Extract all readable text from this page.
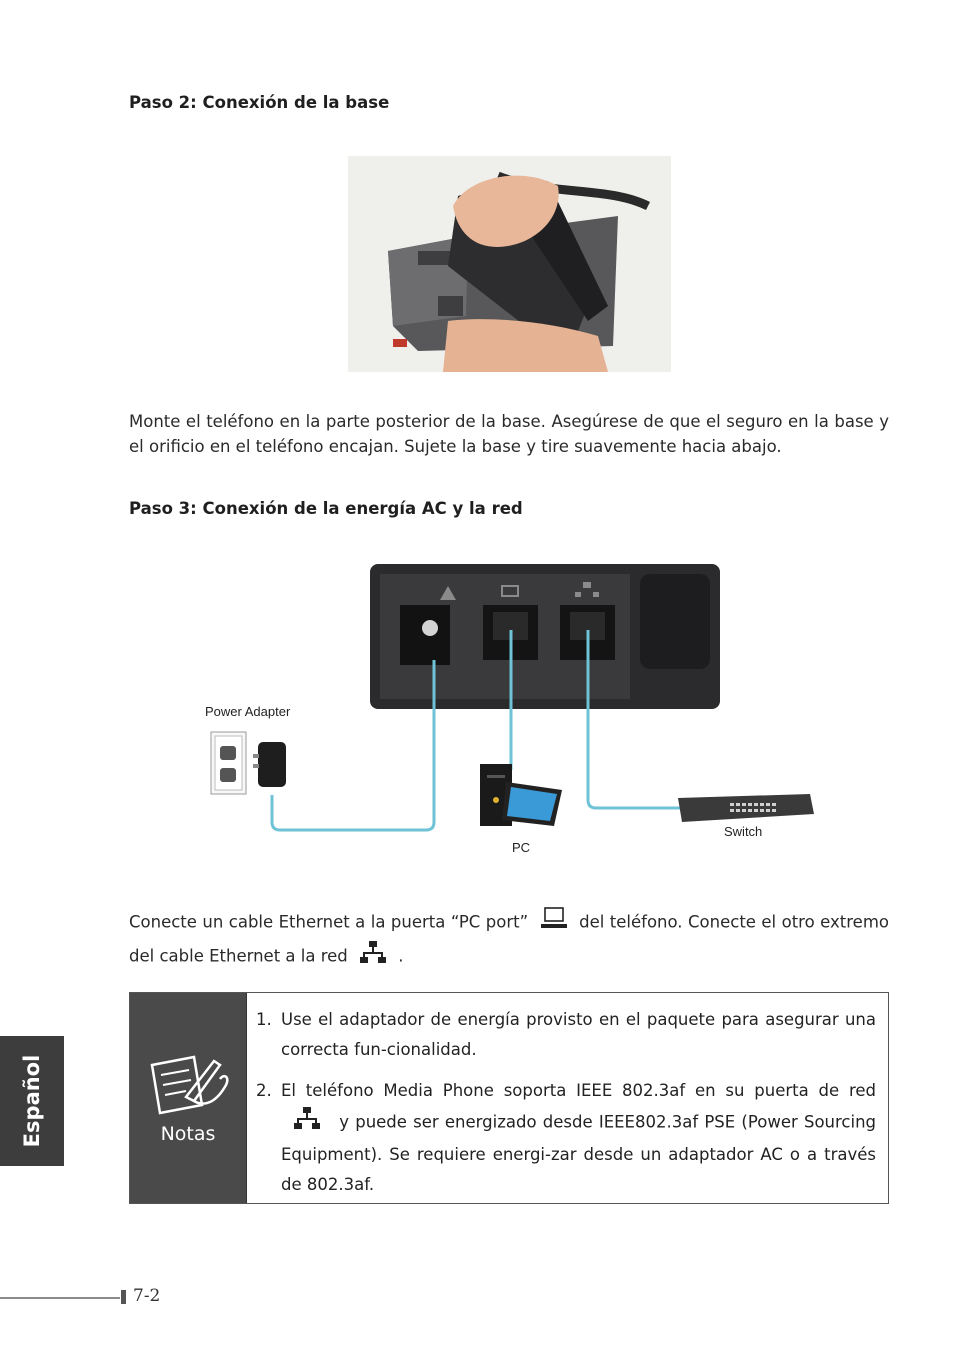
Paso 2: Conexión de la base
Monte el teléfono en la parte posterior de la base. Asegúrese de que el seguro en la base y el orificio en el teléfono encajan. Sujete la base y tire suavemente hacia abajo.
Paso 3: Conexión de la energía AC y la red
Power Adapter
PC
Switch
Conecte un cable Ethernet a la puerta “PC port”	del teléfono. Conecte el otro extremo del cable Ethernet a la red	.
Notas
1. Use el adaptador de energía provisto en el paquete para asegurar una correcta fun-cionalidad.
2. El teléfono Media Phone soporta IEEE 802.3af en su puerta de red  y puede ser energizado desde IEEE802.3af PSE (Power Sourcing Equipment). Se requiere energi-zar desde un adaptador AC o a través de 802.3af.
Español
7-2
